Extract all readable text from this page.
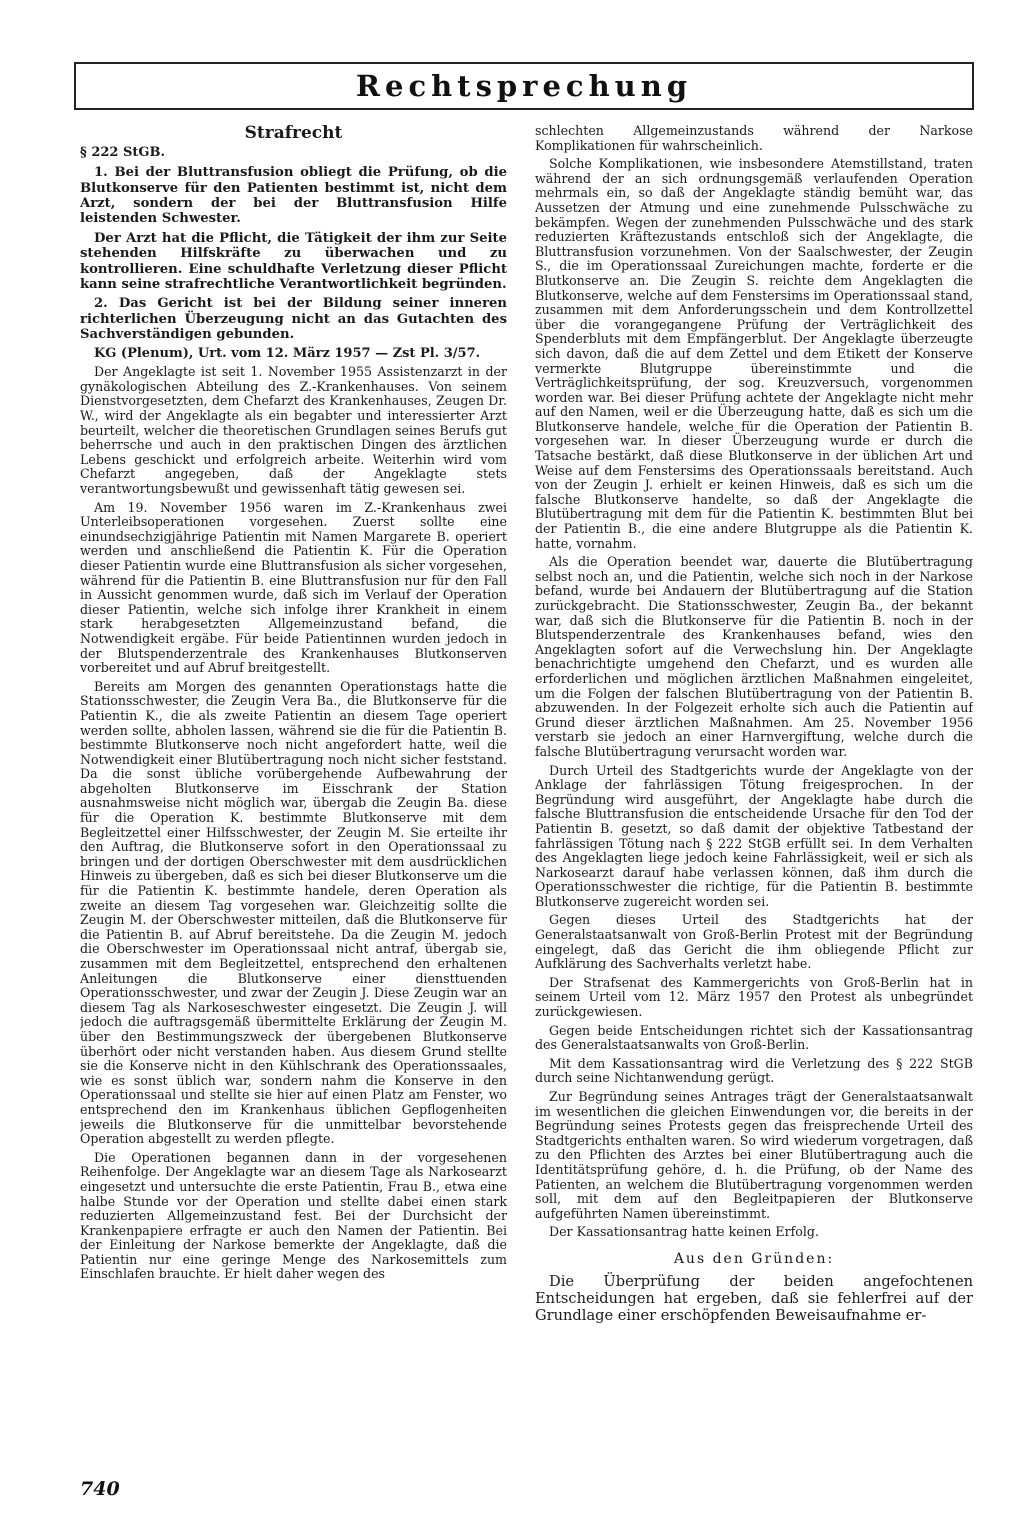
Rechtsprechung
Strafrecht
§ 222 StGB.

1. Bei der Bluttransfusion obliegt die Prüfung, ob die Blutkonserve für den Patienten bestimmt ist, nicht dem Arzt, sondern der bei der Bluttransfusion Hilfe leistenden Schwester.

Der Arzt hat die Pflicht, die Tätigkeit der ihm zur Seite stehenden Hilfskräfte zu überwachen und zu kontrollieren. Eine schuldhafte Verletzung dieser Pflicht kann seine strafrechtliche Verantwortlichkeit begründen.

2. Das Gericht ist bei der Bildung seiner inneren richterlichen Überzeugung nicht an das Gutachten des Sachverständigen gebunden.

KG (Plenum), Urt. vom 12. März 1957 — Zst Pl. 3/57.

Der Angeklagte ist seit 1. November 1955 Assistenzarzt in der gynäkologischen Abteilung des Z.-Krankenhauses. Von seinem Dienstvorgesetzten, dem Chefarzt des Krankenhauses, Zeugen Dr. W., wird der Angeklagte als ein begabter und interessierter Arzt beurteilt, welcher die theoretischen Grundlagen seines Berufs gut beherrsche und auch in den praktischen Dingen des ärztlichen Lebens geschickt und erfolgreich arbeite. Weiterhin wird vom Chefarzt angegeben, daß der Angeklagte stets verantwortungsbewußt und gewissenhaft tätig gewesen sei.

Am 19. November 1956 waren im Z.-Krankenhaus zwei Unterleibsoperationen vorgesehen. Zuerst sollte eine einundsechzigjährige Patientin mit Namen Margarete B. operiert werden und anschließend die Patientin K. Für die Operation dieser Patientin wurde eine Bluttransfusion als sicher vorgesehen, während für die Patientin B. eine Bluttransfusion nur für den Fall in Aussicht genommen wurde, daß sich im Verlauf der Operation dieser Patientin, welche sich infolge ihrer Krankheit in einem stark herabgesetzten Allgemeinzustand befand, die Notwendigkeit ergäbe. Für beide Patientinnen wurden jedoch in der Blutspenderzentrale des Krankenhauses Blutkonserven vorbereitet und auf Abruf breitgestellt.

Bereits am Morgen des genannten Operationstags hatte die Stationsschwester, die Zeugin Vera Ba., die Blutkonserve für die Patientin K., die als zweite Patientin an diesem Tage operiert werden sollte, abholen lassen, während sie die für die Patientin B. bestimmte Blutkonserve noch nicht angefordert hatte, weil die Notwendigkeit einer Blutübertragung noch nicht sicher feststand. Da die sonst übliche vorübergehende Aufbewahrung der abgeholten Blutkonserve im Eisschrank der Station ausnahmsweise nicht möglich war, übergab die Zeugin Ba. diese für die Operation K. bestimmte Blutkonserve mit dem Begleitzettel einer Hilfsschwester, der Zeugin M. Sie erteilte ihr den Auftrag, die Blutkonserve sofort in den Operationssaal zu bringen und der dortigen Oberschwester mit dem ausdrücklichen Hinweis zu übergeben, daß es sich bei dieser Blutkonserve um die für die Patientin K. bestimmte handele, deren Operation als zweite an diesem Tag vorgesehen war. Gleichzeitig sollte die Zeugin M. der Oberschwester mitteilen, daß die Blutkonserve für die Patientin B. auf Abruf bereitstehe. Da die Zeugin M. jedoch die Oberschwester im Operationssaal nicht antraf, übergab sie, zusammen mit dem Begleitzettel, entsprechend den erhaltenen Anleitungen die Blutkonserve einer diensttuenden Operationsschwester, und zwar der Zeugin J. Diese Zeugin war an diesem Tag als Narkoseschwester eingesetzt. Die Zeugin J. will jedoch die auftragsgemäß übermittelte Erklärung der Zeugin M. über den Bestimmungszweck der übergebenen Blutkonserve überhört oder nicht verstanden haben. Aus diesem Grund stellte sie die Konserve nicht in den Kühlschrank des Operationssaales, wie es sonst üblich war, sondern nahm die Konserve in den Operationssaal und stellte sie hier auf einen Platz am Fenster, wo entsprechend den im Krankenhaus üblichen Gepflogenheiten jeweils die Blutkonserve für die unmittelbar bevorstehende Operation abgestellt zu werden pflegte.

Die Operationen begannen dann in der vorgesehenen Reihenfolge. Der Angeklagte war an diesem Tage als Narkosearzt eingesetzt und untersuchte die erste Patientin, Frau B., etwa eine halbe Stunde vor der Operation und stellte dabei einen stark reduzierten Allgemeinzustand fest. Bei der Durchsicht der Krankenpapiere erfragte er auch den Namen der Patientin. Bei der Einleitung der Narkose bemerkte der Angeklagte, daß die Patientin nur eine geringe Menge des Narkosemittels zum Einschlafen brauchte. Er hielt daher wegen des

schlechten Allgemeinzustands während der Narkose Komplikationen für wahrscheinlich.

Solche Komplikationen, wie insbesondere Atemstillstand, traten während der an sich ordnungsgemäß verlaufenden Operation mehrmals ein, so daß der Angeklagte ständig bemüht war, das Aussetzen der Atmung und eine zunehmende Pulsschwäche zu bekämpfen. Wegen der zunehmenden Pulsschwäche und des stark reduzierten Kräftezustands entschloß sich der Angeklagte, die Bluttransfusion vorzunehmen. Von der Saalschwester, der Zeugin S., die im Operationssaal Zureichungen machte, forderte er die Blutkonserve an. Die Zeugin S. reichte dem Angeklagten die Blutkonserve, welche auf dem Fenstersims im Operationssaal stand, zusammen mit dem Anforderungsschein und dem Kontrollzettel über die vorangegangene Prüfung der Verträglichkeit des Spenderbluts mit dem Empfängerblut. Der Angeklagte überzeugte sich davon, daß die auf dem Zettel und dem Etikett der Konserve vermerkte Blutgruppe übereinstimmte und die Verträglichkeitsprüfung, der sog. Kreuzversuch, vorgenommen worden war. Bei dieser Prüfung achtete der Angeklagte nicht mehr auf den Namen, weil er die Überzeugung hatte, daß es sich um die Blutkonserve handele, welche für die Operation der Patientin B. vorgesehen war. In dieser Überzeugung wurde er durch die Tatsache bestärkt, daß diese Blutkonserve in der üblichen Art und Weise auf dem Fenstersims des Operationssaals bereitstand. Auch von der Zeugin J. erhielt er keinen Hinweis, daß es sich um die falsche Blutkonserve handelte, so daß der Angeklagte die Blutübertragung mit dem für die Patientin K. bestimmten Blut bei der Patientin B., die eine andere Blutgruppe als die Patientin K. hatte, vornahm.

Als die Operation beendet war, dauerte die Blutübertragung selbst noch an, und die Patientin, welche sich noch in der Narkose befand, wurde bei Andauern der Blutübertragung auf die Station zurückgebracht. Die Stationsschwester, Zeugin Ba., der bekannt war, daß sich die Blutkonserve für die Patientin B. noch in der Blutspenderzentrale des Krankenhauses befand, wies den Angeklagten sofort auf die Verwechslung hin. Der Angeklagte benachrichtigte umgehend den Chefarzt, und es wurden alle erforderlichen und möglichen ärztlichen Maßnahmen eingeleitet, um die Folgen der falschen Blutübertragung von der Patientin B. abzuwenden. In der Folgezeit erholte sich auch die Patientin auf Grund dieser ärztlichen Maßnahmen. Am 25. November 1956 verstarb sie jedoch an einer Harnvergiftung, welche durch die falsche Blutübertragung verursacht worden war.

Durch Urteil des Stadtgerichts wurde der Angeklagte von der Anklage der fahrlässigen Tötung freigesprochen. In der Begründung wird ausgeführt, der Angeklagte habe durch die falsche Bluttransfusion die entscheidende Ursache für den Tod der Patientin B. gesetzt, so daß damit der objektive Tatbestand der fahrlässigen Tötung nach § 222 StGB erfüllt sei. In dem Verhalten des Angeklagten liege jedoch keine Fahrlässigkeit, weil er sich als Narkosearzt darauf habe verlassen können, daß ihm durch die Operationsschwester die richtige, für die Patientin B. bestimmte Blutkonserve zugereicht worden sei.

Gegen dieses Urteil des Stadtgerichts hat der Generalstaatsanwalt von Groß-Berlin Protest mit der Begründung eingelegt, daß das Gericht die ihm obliegende Pflicht zur Aufklärung des Sachverhalts verletzt habe.

Der Strafsenat des Kammergerichts von Groß-Berlin hat in seinem Urteil vom 12. März 1957 den Protest als unbegründet zurückgewiesen.

Gegen beide Entscheidungen richtet sich der Kassationsantrag des Generalstaatsanwalts von Groß-Berlin.

Mit dem Kassationsantrag wird die Verletzung des § 222 StGB durch seine Nichtanwendung gerügt.

Zur Begründung seines Antrages trägt der Generalstaatsanwalt im wesentlichen die gleichen Einwendungen vor, die bereits in der Begründung seines Protests gegen das freisprechende Urteil des Stadtgerichts enthalten waren. So wird wiederum vorgetragen, daß zu den Pflichten des Arztes bei einer Blutübertragung auch die Identitätsprüfung gehöre, d. h. die Prüfung, ob der Name des Patienten, an welchem die Blutübertragung vorgenommen werden soll, mit dem auf den Begleitpapieren der Blutkonserve aufgeführten Namen übereinstimmt.

Der Kassationsantrag hatte keinen Erfolg.

Aus den Gründen:

Die Überprüfung der beiden angefochtenen Entscheidungen hat ergeben, daß sie fehlerfrei auf der Grundlage einer erschöpfenden Beweisaufnahme er-

740
